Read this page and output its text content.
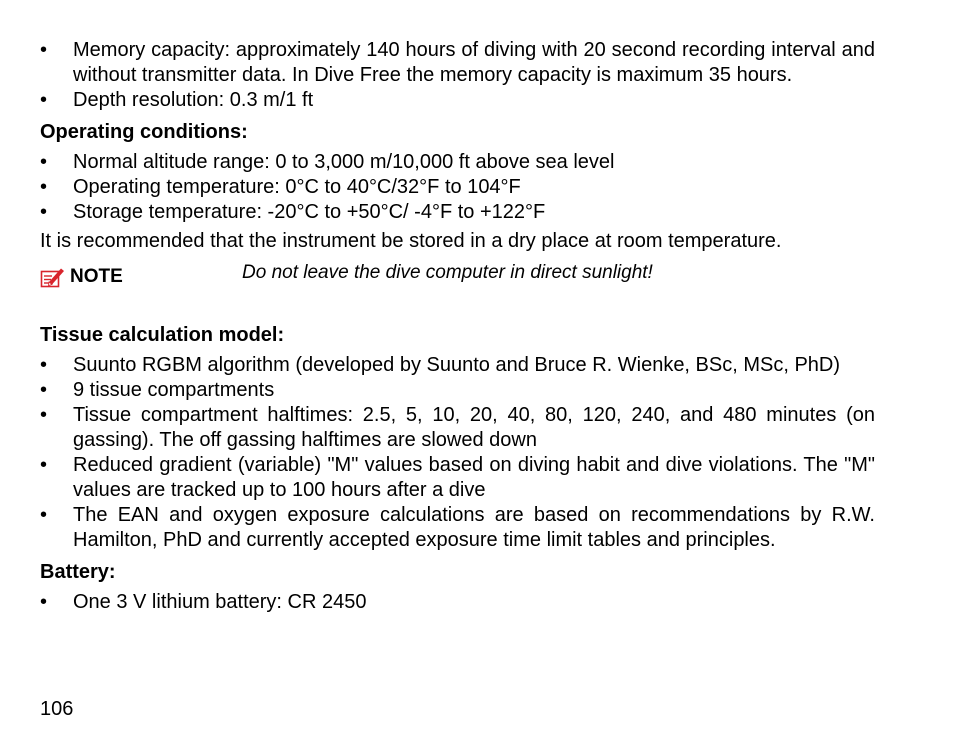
•	Memory capacity: approximately 140 hours of diving with 20 second recording interval and without transmitter data. In Dive Free the memory capacity is maximum 35 hours.
•	Depth resolution: 0.3 m/1 ft
Operating conditions:
•	Normal altitude range: 0 to 3,000 m/10,000 ft above sea level
•	Operating temperature: 0°C to 40°C/32°F to 104°F
•	Storage temperature: -20°C to +50°C/ -4°F to +122°F
It is recommended that the instrument be stored in a dry place at room temperature.
NOTE	Do not leave the dive computer in direct sunlight!
Tissue calculation model:
•	Suunto RGBM algorithm (developed by Suunto and Bruce R. Wienke, BSc, MSc, PhD)
•	9 tissue compartments
•	Tissue compartment halftimes: 2.5, 5, 10, 20, 40, 80, 120, 240, and 480 minutes (on gassing). The off gassing halftimes are slowed down
•	Reduced gradient (variable) "M" values based on diving habit and dive violations. The "M" values are tracked up to 100 hours after a dive
•	The EAN and oxygen exposure calculations are based on recommendations by R.W. Hamilton, PhD and currently accepted exposure time limit tables and principles.
Battery:
•	One 3 V lithium battery: CR 2450
106
